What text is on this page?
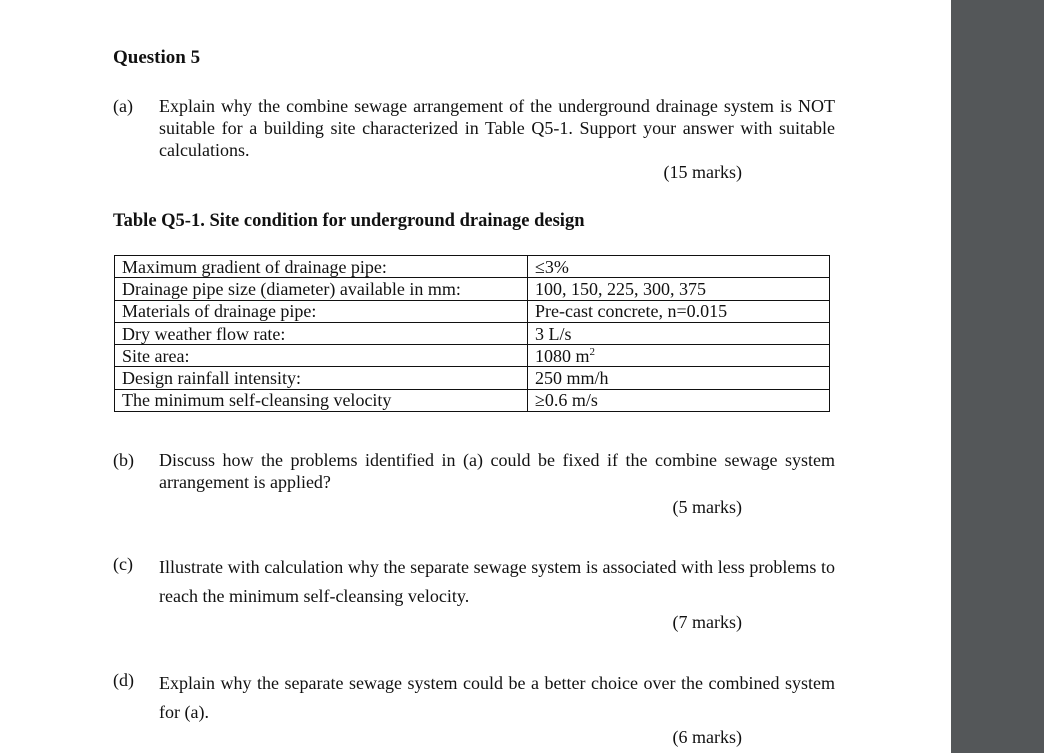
Question 5
(a)	Explain why the combine sewage arrangement of the underground drainage system is NOT suitable for a building site characterized in Table Q5-1. Support your answer with suitable calculations.
(15 marks)
Table Q5-1. Site condition for underground drainage design
Maximum gradient of drainage pipe:	≤3%
Drainage pipe size (diameter) available in mm:	100, 150, 225, 300, 375
Materials of drainage pipe:	Pre-cast concrete, n=0.015
Dry weather flow rate:	3 L/s
Site area:	1080 $m^2$
Design rainfall intensity:	250 mm/h
The minimum self-cleansing velocity	≥0.6 m/s
(b)	Discuss how the problems identified in (a) could be fixed if the combine sewage system arrangement is applied?
(5 marks)
(c)	Illustrate with calculation why the separate sewage system is associated with less problems to reach the minimum self-cleansing velocity.
(7 marks)
(d)	Explain why the separate sewage system could be a better choice over the combined system for (a).
(6 marks)
